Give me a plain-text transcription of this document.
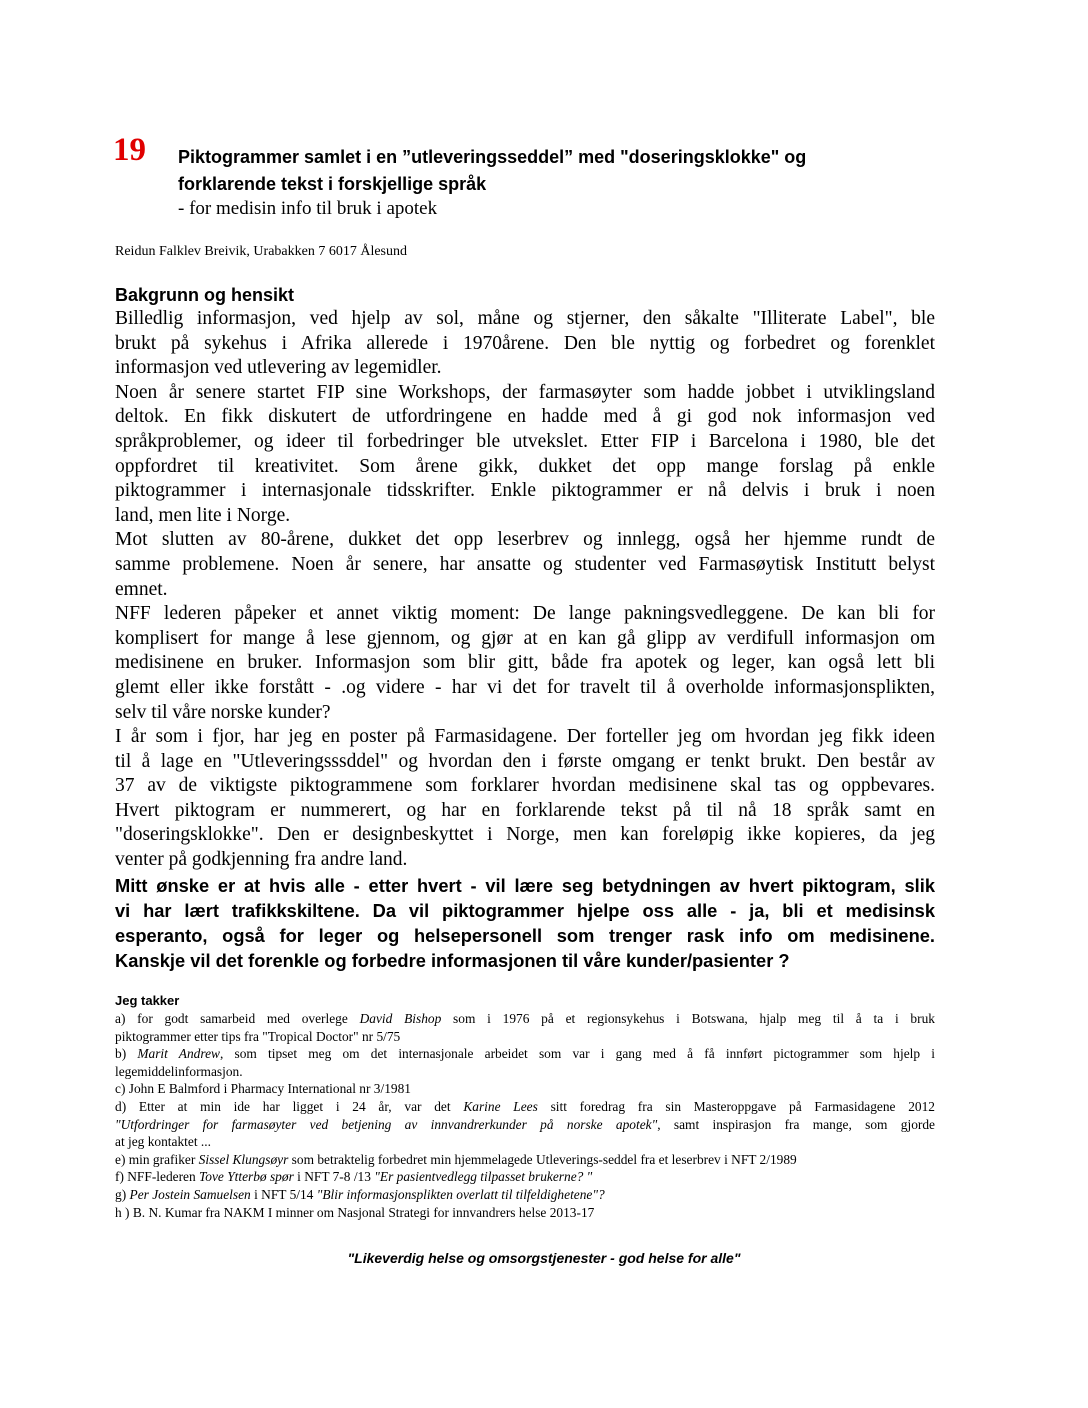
19 Piktogrammer samlet i en ”utleveringsseddel” med "doseringsklokke" og
forklarende tekst i forskjellige språk
- for medisin info til bruk i apotek
Reidun Falklev Breivik, Urabakken 7 6017 Ålesund

Bakgrunn og hensikt

Billedlig informasjon, ved hjelp av sol, måne og stjerner, den såkalte "Illiterate Label", ble
brukt på sykehus i Afrika allerede i 1970årene. Den ble nyttig og forbedret og forenklet
informasjon ved utlevering av legemidler.

Noen år senere startet FIP sine Workshops, der farmasøyter som hadde jobbet i utviklingsland
deltok. En fikk diskutert de utfordringene en hadde med å gi god nok informasjon ved
språkproblemer, og ideer til forbedringer ble utvekslet. Etter FIP i Barcelona i 1980, ble det
oppfordret til kreativitet. Som årene gikk, dukket det opp mange forslag på enkle
piktogrammer i internasjonale tidsskrifter. Enkle piktogrammer er nå delvis i bruk i noen
land, men lite i Norge.

Mot slutten av 80-årene, dukket det opp leserbrev og innlegg, også her hjemme rundt de
samme problemene. Noen år senere, har ansatte og studenter ved Farmasøytisk Institutt belyst
emnet.

NFF lederen påpeker et annet viktig moment: De lange pakningsvedleggene. De kan bli for
komplisert for mange å lese gjennom, og gjør at en kan gå glipp av verdifull informasjon om
medisinene en bruker. Informasjon som blir gitt, både fra apotek og leger, kan også lett bli
glemt eller ikke forstått - .og videre - har vi det for travelt til å overholde informasjonsplikten,
selv til våre norske kunder?

I år som i fjor, har jeg en poster på Farmasidagene. Der forteller jeg om hvordan jeg fikk ideen
til å lage en "Utleveringsssddel" og hvordan den i første omgang er tenkt brukt. Den består av
37 av de viktigste piktogrammene som forklarer hvordan medisinene skal tas og oppbevares.
Hvert piktogram er nummerert, og har en forklarende tekst på til nå 18 språk samt en
"doseringsklokke". Den er designbeskyttet i Norge, men kan foreløpig ikke kopieres, da jeg
venter på godkjenning fra andre land.

Mitt ønske er at hvis alle - etter hvert - vil lære seg betydningen av hvert piktogram, slik
vi har lært trafikkskiltene. Da vil piktogrammer hjelpe oss alle - ja, bli et medisinsk
esperanto, også for leger og helsepersonell som trenger rask info om medisinene.
Kanskje vil det forenkle og forbedre informasjonen til våre kunder/pasienter ?

Jeg takker

a) for godt samarbeid med overlege David Bishop som i 1976 på et regionsykehus i Botswana, hjalp meg til å ta i bruk
piktogrammer etter tips fra "Tropical Doctor" nr 5/75

b) Marit Andrew, som tipset meg om det internasjonale arbeidet som var i gang med å få innført pictogrammer som hjelp i
legemiddelinformasjon.

c) John E Balmford i Pharmacy International nr 3/1981

d) Etter at min ide har ligget i 24 år, var det Karine Lees sitt foredrag fra sin Masteroppgave på Farmasidagene 2012
"Utfordringer for farmasøyter ved betjening av innvandrerkunder på norske apotek", samt inspirasjon fra mange, som gjorde
at jeg kontaktet ...

e) min grafiker Sissel Klungsøyr som betraktelig forbedret min hjemmelagede Utleverings-seddel fra et leserbrev i NFT 2/1989

f) NFF-lederen Tove Ytterbø spør i NFT 7-8 /13 "Er pasientvedlegg tilpasset brukerne? "

g) Per Jostein Samuelsen i NFT 5/14 "Blir informasjonsplikten overlatt til tilfeldighetene"?

h ) B. N. Kumar fra NAKM I minner om Nasjonal Strategi for innvandrers helse 2013-17

"Likeverdig helse og omsorgstjenester - god helse for alle"
